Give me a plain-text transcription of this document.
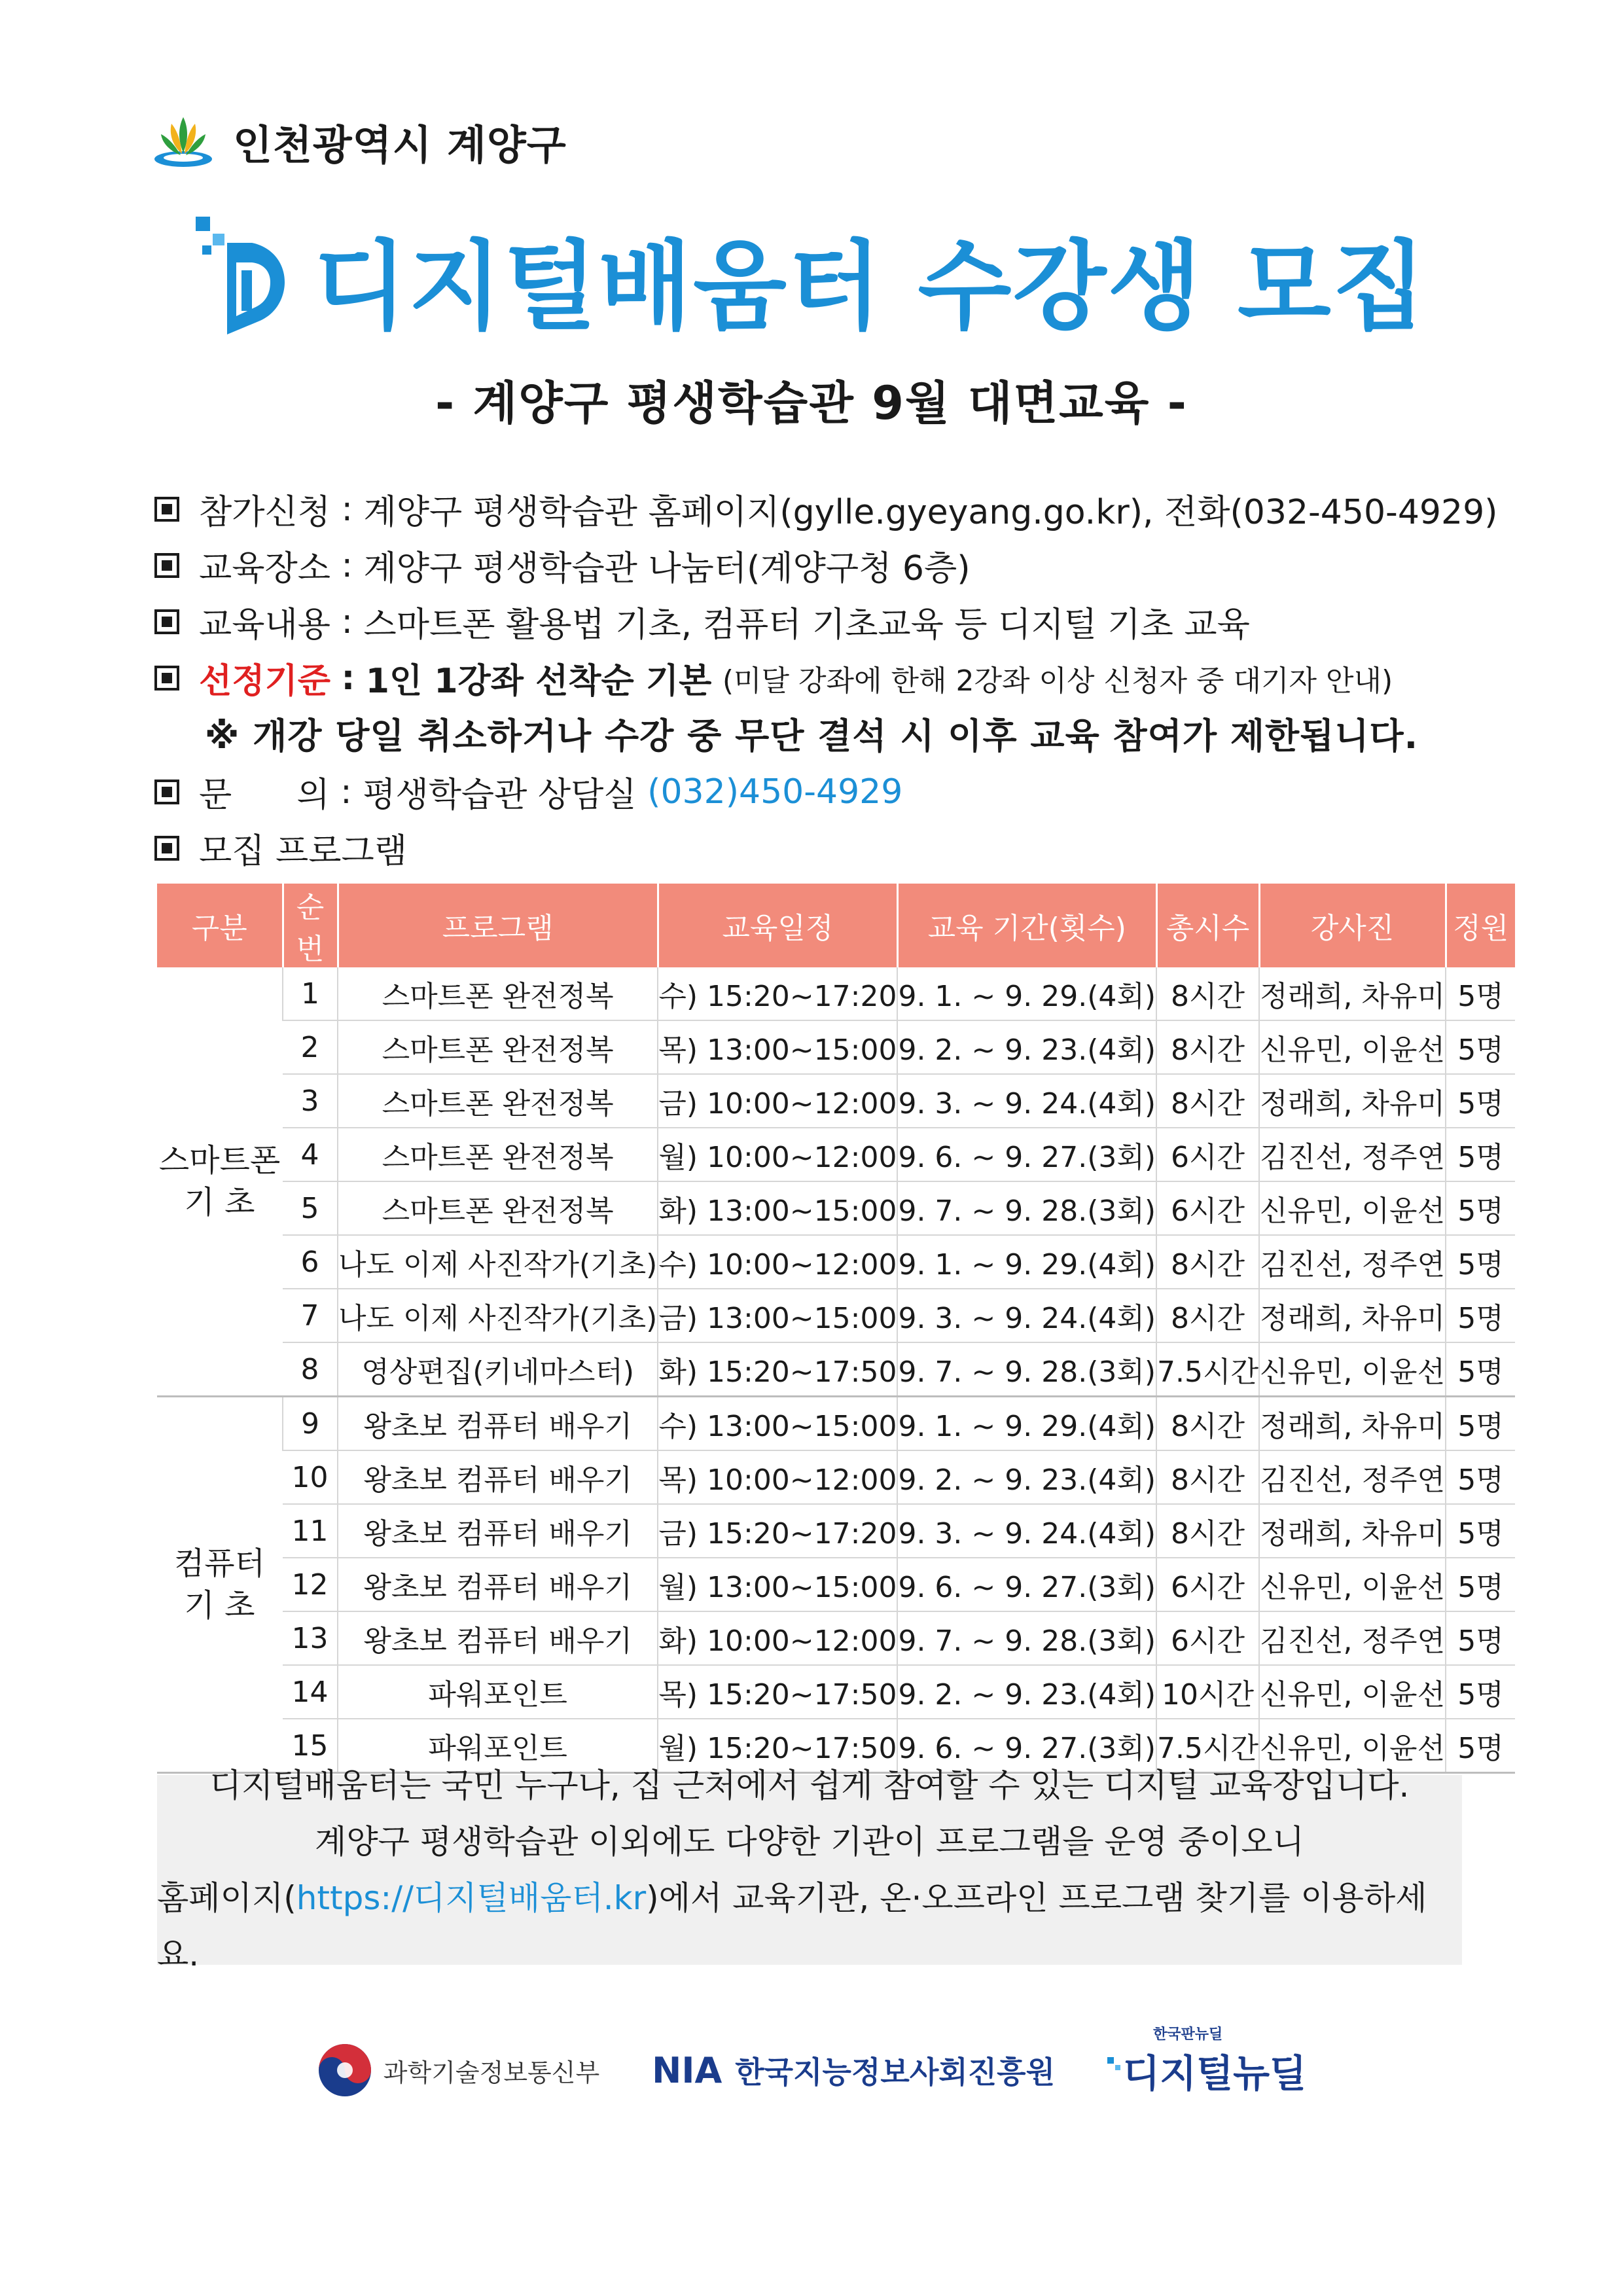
인천광역시 계양구
디지털배움터 수강생 모집
- 계양구 평생학습관 9월 대면교육 -
참가신청
:
계양구 평생학습관 홈페이지(gylle.gyeyang.go.kr), 전화(032-450-4929)
교육장소
:
계양구 평생학습관 나눔터(계양구청 6층)
교육내용
:
스마트폰 활용법 기초, 컴퓨터 기초교육 등 디지털 기초 교육
선정기준
:
1인 1강좌 선착순 기본
(미달 강좌에 한해 2강좌 이상 신청자 중 대기자 안내)
※ 개강 당일 취소하거나 수강 중 무단 결석 시 이후 교육 참여가 제한됩니다.
문      의
:
평생학습관 상담실
(032)450-4929
모집 프로그램
구분	순번	프로그램	교육일정	교육 기간(횟수)	총시수	강사진	정원
스마트폰
기 초	1	스마트폰 완전정복	수) 15:20~17:20	9. 1. ~ 9. 29.(4회)	8시간	정래희, 차유미	5명
	2	스마트폰 완전정복	목) 13:00~15:00	9. 2. ~ 9. 23.(4회)	8시간	신유민, 이윤선	5명
	3	스마트폰 완전정복	금) 10:00~12:00	9. 3. ~ 9. 24.(4회)	8시간	정래희, 차유미	5명
	4	스마트폰 완전정복	월) 10:00~12:00	9. 6. ~ 9. 27.(3회)	6시간	김진선, 정주연	5명
	5	스마트폰 완전정복	화) 13:00~15:00	9. 7. ~ 9. 28.(3회)	6시간	신유민, 이윤선	5명
	6	나도 이제 사진작가(기초)	수) 10:00~12:00	9. 1. ~ 9. 29.(4회)	8시간	김진선, 정주연	5명
	7	나도 이제 사진작가(기초)	금) 13:00~15:00	9. 3. ~ 9. 24.(4회)	8시간	정래희, 차유미	5명
	8	영상편집(키네마스터)	화) 15:20~17:50	9. 7. ~ 9. 28.(3회)	7.5시간	신유민, 이윤선	5명
컴퓨터
기 초	9	왕초보 컴퓨터 배우기	수) 13:00~15:00	9. 1. ~ 9. 29.(4회)	8시간	정래희, 차유미	5명
	10	왕초보 컴퓨터 배우기	목) 10:00~12:00	9. 2. ~ 9. 23.(4회)	8시간	김진선, 정주연	5명
	11	왕초보 컴퓨터 배우기	금) 15:20~17:20	9. 3. ~ 9. 24.(4회)	8시간	정래희, 차유미	5명
	12	왕초보 컴퓨터 배우기	월) 13:00~15:00	9. 6. ~ 9. 27.(3회)	6시간	신유민, 이윤선	5명
	13	왕초보 컴퓨터 배우기	화) 10:00~12:00	9. 7. ~ 9. 28.(3회)	6시간	김진선, 정주연	5명
	14	파워포인트	목) 15:20~17:50	9. 2. ~ 9. 23.(4회)	10시간	신유민, 이윤선	5명
	15	파워포인트	월) 15:20~17:50	9. 6. ~ 9. 27.(3회)	7.5시간	신유민, 이윤선	5명
디지털배움터는 국민 누구나, 집 근처에서 쉽게 참여할 수 있는 디지털 교육장입니다.
계양구 평생학습관 이외에도 다양한 기관이 프로그램을 운영 중이오니
홈페이지(https://디지털배움터.kr)에서 교육기관, 온·오프라인 프로그램 찾기를 이용하세요.
과학기술정보통신부 NIA 한국지능정보사회진흥원
한국판뉴딜
디지털뉴딜
